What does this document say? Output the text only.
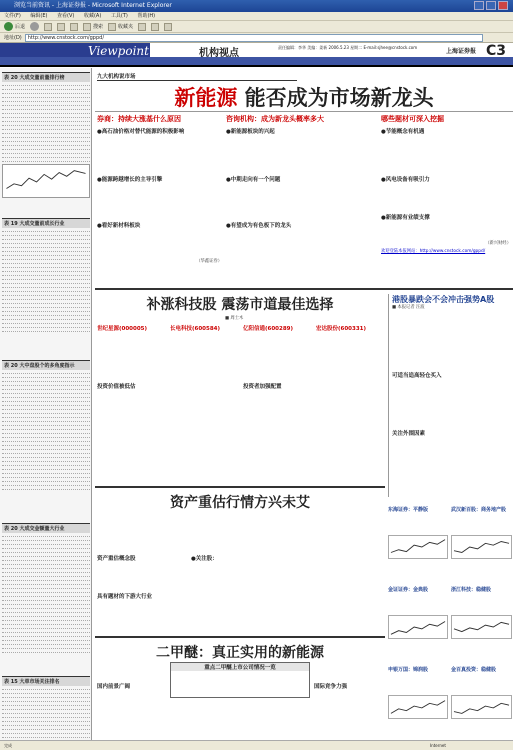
浏览当前资讯 - 上海证券报 - Microsoft Internet Explorer
文件(F) 编辑(E) 查看(V) 收藏(A) 工具(T) 帮助(H)
后退	搜索	收藏夹
地址(D)	http://www.cnstock.com/gppd/
Viewpoint	机构视点
责任编辑：李华 美编：姜新 2006.5.23 星期二 E-mail:sjhee@cnstock.com
上海证券报 C3
表 20 大成交量前量排行榜
表 19 大成交量前成长行业
表 20 大中盘股个的多角度指示
表 20 大成交金额量大行业
表 15 大单市场关注排名
九大机构说市场
新能源 能否成为市场新龙头
券商：持续大涨基什么原因
●高石油价格对替代能源的积极影响
●能源跨越增长的主导引擎
●看好新材料板块
（华鑫证券）
咨询机构：成为新龙头概率多大
●新能源板块的兴起
●中期走向有一个问题
●有望成为有色板下的龙头
哪些题材可深入挖掘
●节能概念有机遇
●风电设备有吸引力
●新能源有业绩支撑
（新兴财经）
欢迎登陆本报网站：http://www.cnstock.com/gppd/
补涨科技股 震荡市道最佳选择
■ 周士木
世纪星源(000005)
投资价值被低估
长电科技(600584)	亿阳信通(600289)
投资者加强配置
宏达股份(600331)
港股暴跌会不会冲击强势A股
■ 本报记者 汪波
可适当追高轻仓买入
关注外围因素
资产重估行情方兴未艾
资产重估概念股
具有题材的下游大行业
●关注股：
东海证券：平静版	武汉新百股：商务地产股
金证证券：金典股	浙江科技：稳健股
申银万国：锦润股	金百真投资：稳健股
二甲醚：真正实用的新能源
国内前景广阔
重点二甲醚上市公司情况一览
国际竞争力强
完成	Internet
